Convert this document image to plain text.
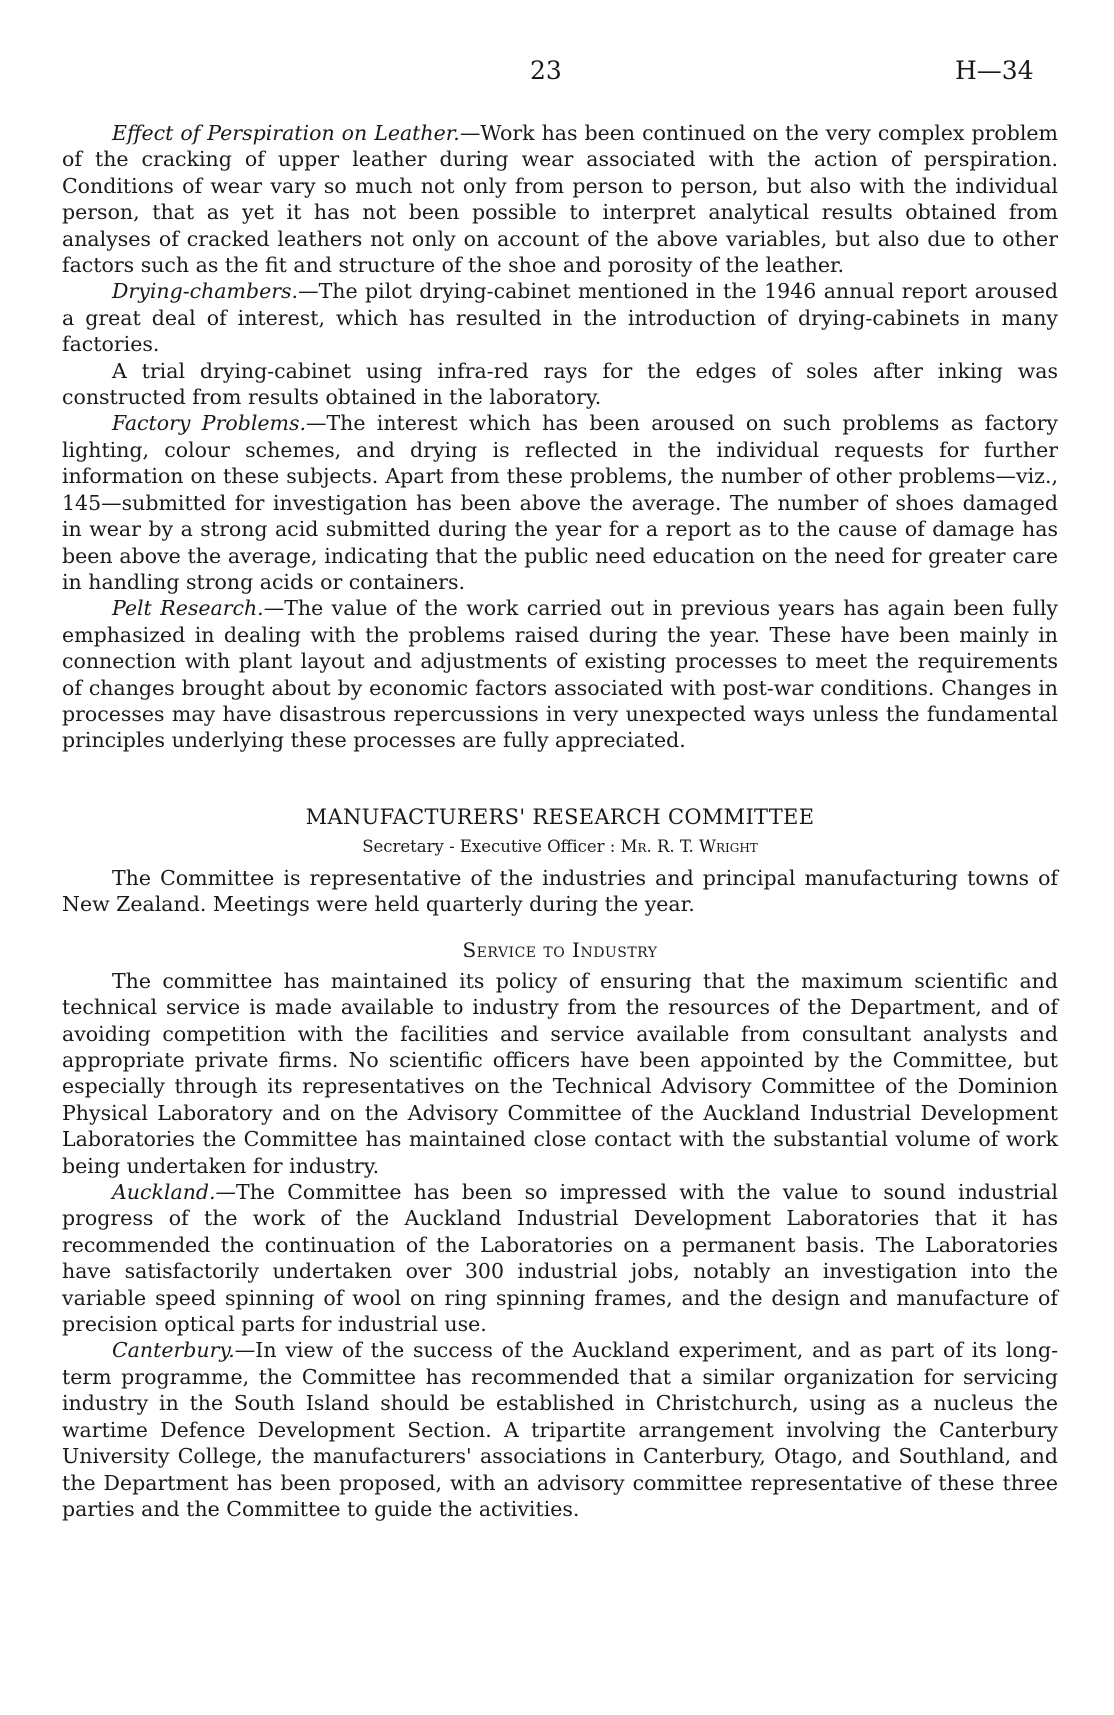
23	H—34

Effect of Perspiration on Leather.—Work has been continued on the very complex problem of the cracking of upper leather during wear associated with the action of perspiration. Conditions of wear vary so much not only from person to person, but also with the individual person, that as yet it has not been possible to interpret analytical results obtained from analyses of cracked leathers not only on account of the above variables, but also due to other factors such as the fit and structure of the shoe and porosity of the leather.

Drying-chambers.—The pilot drying-cabinet mentioned in the 1946 annual report aroused a great deal of interest, which has resulted in the introduction of drying-cabinets in many factories.

A trial drying-cabinet using infra-red rays for the edges of soles after inking was constructed from results obtained in the laboratory.

Factory Problems.—The interest which has been aroused on such problems as factory lighting, colour schemes, and drying is reflected in the individual requests for further information on these subjects. Apart from these problems, the number of other problems—viz., 145—submitted for investigation has been above the average. The number of shoes damaged in wear by a strong acid submitted during the year for a report as to the cause of damage has been above the average, indicating that the public need education on the need for greater care in handling strong acids or containers.

Pelt Research.—The value of the work carried out in previous years has again been fully emphasized in dealing with the problems raised during the year. These have been mainly in connection with plant layout and adjustments of existing processes to meet the requirements of changes brought about by economic factors associated with post-war conditions. Changes in processes may have disastrous repercussions in very unexpected ways unless the fundamental principles underlying these processes are fully appreciated.

MANUFACTURERS' RESEARCH COMMITTEE
Secretary - Executive Officer : Mr. R. T. Wright

The Committee is representative of the industries and principal manufacturing towns of New Zealand. Meetings were held quarterly during the year.

Service to Industry

The committee has maintained its policy of ensuring that the maximum scientific and technical service is made available to industry from the resources of the Department, and of avoiding competition with the facilities and service available from consultant analysts and appropriate private firms. No scientific officers have been appointed by the Committee, but especially through its representatives on the Technical Advisory Committee of the Dominion Physical Laboratory and on the Advisory Committee of the Auckland Industrial Development Laboratories the Committee has maintained close contact with the substantial volume of work being undertaken for industry.

Auckland.—The Committee has been so impressed with the value to sound industrial progress of the work of the Auckland Industrial Development Laboratories that it has recommended the continuation of the Laboratories on a permanent basis. The Laboratories have satisfactorily undertaken over 300 industrial jobs, notably an investigation into the variable speed spinning of wool on ring spinning frames, and the design and manufacture of precision optical parts for industrial use.

Canterbury.—In view of the success of the Auckland experiment, and as part of its long-term programme, the Committee has recommended that a similar organization for servicing industry in the South Island should be established in Christchurch, using as a nucleus the wartime Defence Development Section. A tripartite arrangement involving the Canterbury University College, the manufacturers' associations in Canterbury, Otago, and Southland, and the Department has been proposed, with an advisory committee representative of these three parties and the Committee to guide the activities.
